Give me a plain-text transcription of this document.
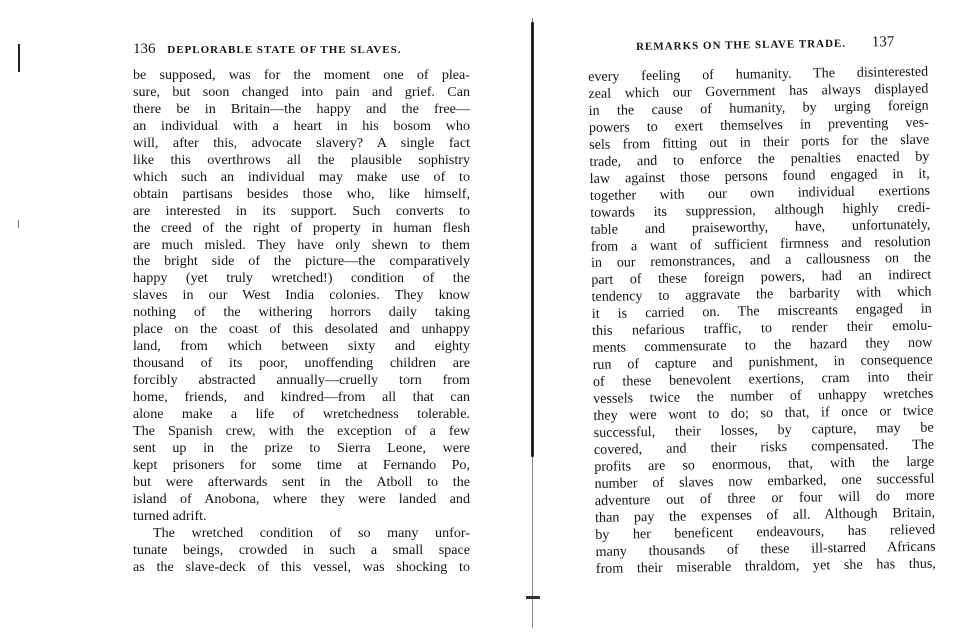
136 DEPLORABLE STATE OF THE SLAVES.
be supposed, was for the moment one of plea-
sure, but soon changed into pain and grief. Can
there be in Britain—the happy and the free—
an individual with a heart in his bosom who
will, after this, advocate slavery? A single fact
like this overthrows all the plausible sophistry
which such an individual may make use of to
obtain partisans besides those who, like himself,
are interested in its support. Such converts to
the creed of the right of property in human flesh
are much misled. They have only shewn to them
the bright side of the picture—the comparatively
happy (yet truly wretched!) condition of the
slaves in our West India colonies. They know
nothing of the withering horrors daily taking
place on the coast of this desolated and unhappy
land, from which between sixty and eighty
thousand of its poor, unoffending children are
forcibly abstracted annually—cruelly torn from
home, friends, and kindred—from all that can
alone make a life of wretchedness tolerable.
The Spanish crew, with the exception of a few
sent up in the prize to Sierra Leone, were
kept prisoners for some time at Fernando Po,
but were afterwards sent in the Atboll to the
island of Anobona, where they were landed and
turned adrift.
The wretched condition of so many unfor-
tunate beings, crowded in such a small space
as the slave-deck of this vessel, was shocking to
REMARKS ON THE SLAVE TRADE. 137
every feeling of humanity. The disinterested
zeal which our Government has always displayed
in the cause of humanity, by urging foreign
powers to exert themselves in preventing ves-
sels from fitting out in their ports for the slave
trade, and to enforce the penalties enacted by
law against those persons found engaged in it,
together with our own individual exertions
towards its suppression, although highly credi-
table and praiseworthy, have, unfortunately,
from a want of sufficient firmness and resolution
in our remonstrances, and a callousness on the
part of these foreign powers, had an indirect
tendency to aggravate the barbarity with which
it is carried on. The miscreants engaged in
this nefarious traffic, to render their emolu-
ments commensurate to the hazard they now
run of capture and punishment, in consequence
of these benevolent exertions, cram into their
vessels twice the number of unhappy wretches
they were wont to do; so that, if once or twice
successful, their losses, by capture, may be
covered, and their risks compensated. The
profits are so enormous, that, with the large
number of slaves now embarked, one successful
adventure out of three or four will do more
than pay the expenses of all. Although Britain,
by her beneficent endeavours, has relieved
many thousands of these ill-starred Africans
from their miserable thraldom, yet she has thus,
